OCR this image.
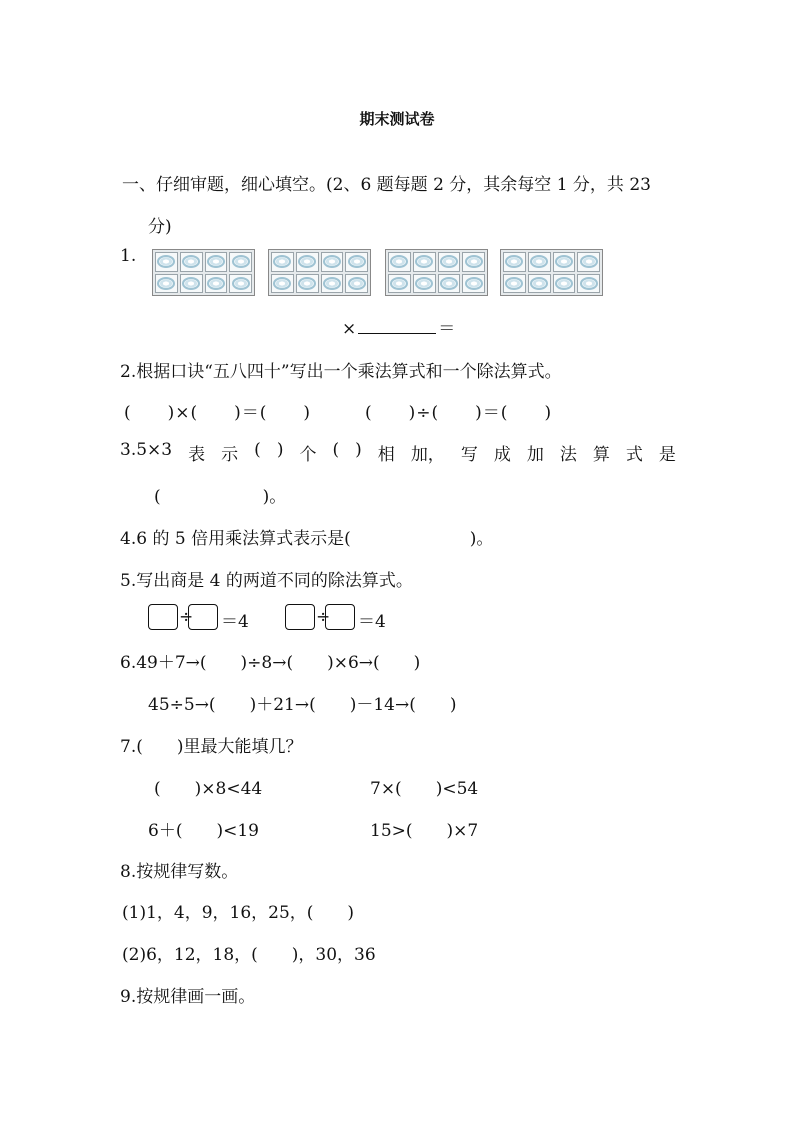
期末测试卷
一、仔细审题，细心填空。(2、6 题每题 2 分，其余每空 1 分，共 23
分)
1.
×	＝
2.根据口诀“五八四十”写出一个乘法算式和一个除法算式。
(　　)×(　　)＝(　　)　　　(　　)÷(　　)＝(　　)
3.5×3 表 示 ( ) 个 ( ) 相 加， 写 成 加 法 算 式 是
(　　　　　　)。
4.6 的 5 倍用乘法算式表示是(　　　　　　　)。
5.写出商是 4 的两道不同的除法算式。
÷ ＝4	÷ ＝4
6.49＋7→(　　)÷8→(　　)×6→(　　)
45÷5→(　　)＋21→(　　)－14→(　　)
7.(　　)里最大能填几？
(　　)×8<44	7×(　　)<54
6＋(　　)<19	15>(　　)×7
8.按规律写数。
(1)1，4，9，16，25，(　　)
(2)6，12，18，(　　)，30，36
9.按规律画一画。
